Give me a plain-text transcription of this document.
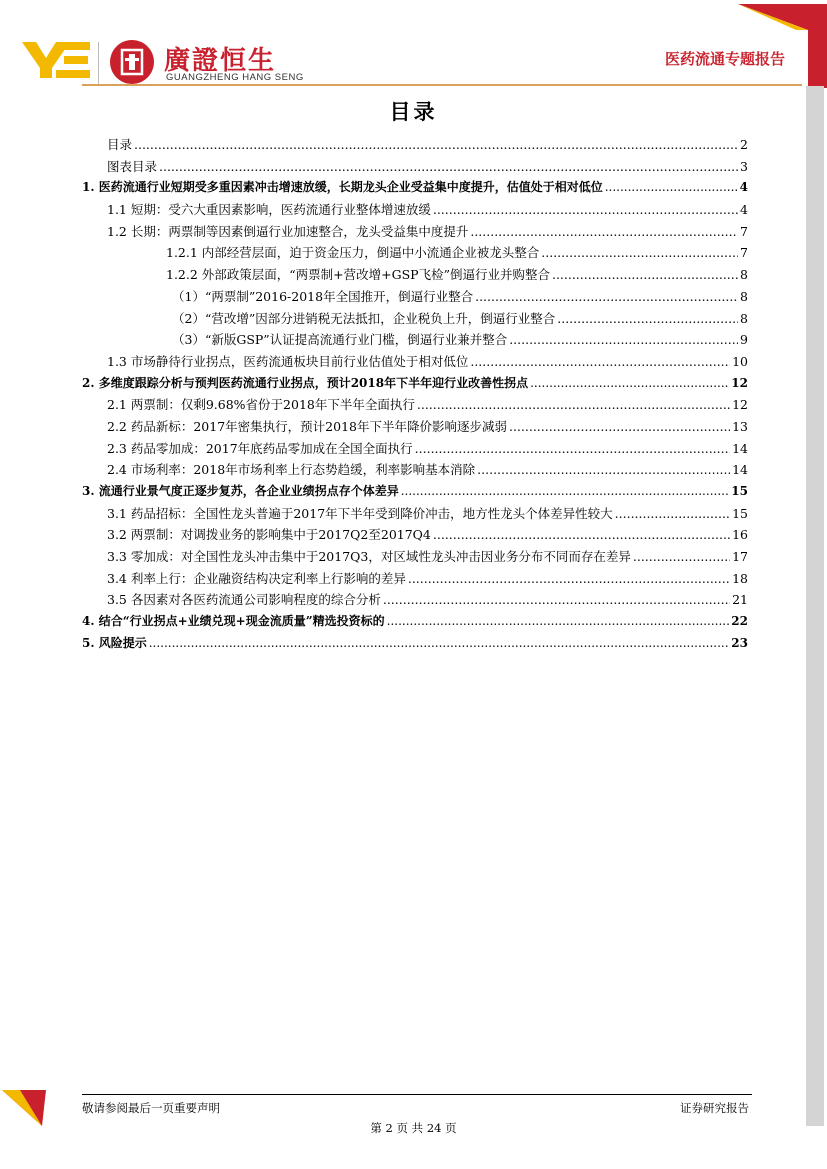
廣證恒生
GUANGZHENG HANG SENG
医药流通专题报告
目录
目录 .....	2
图表目录 .....	3
1. 医药流通行业短期受多重因素冲击增速放缓，长期龙头企业受益集中度提升，估值处于相对低位 .....	4
1.1 短期：受六大重因素影响，医药流通行业整体增速放缓 .....	4
1.2 长期：两票制等因素倒逼行业加速整合，龙头受益集中度提升 .....	7
1.2.1 内部经营层面，迫于资金压力，倒逼中小流通企业被龙头整合 .....	7
1.2.2 外部政策层面，“两票制+营改增+GSP飞检”倒逼行业并购整合 .....	8
（1）“两票制”2016-2018年全国推开，倒逼行业整合 .....	8
（2）“营改增”因部分进销税无法抵扣，企业税负上升，倒逼行业整合 .....	8
（3）“新版GSP”认证提高流通行业门槛，倒逼行业兼并整合 .....	9
1.3 市场静待行业拐点，医药流通板块目前行业估值处于相对低位 .....	10
2. 多维度跟踪分析与预判医药流通行业拐点，预计2018年下半年迎行业改善性拐点 .....	12
2.1 两票制：仅剩9.68%省份于2018年下半年全面执行 .....	12
2.2 药品新标：2017年密集执行，预计2018年下半年降价影响逐步减弱 .....	13
2.3 药品零加成：2017年底药品零加成在全国全面执行 .....	14
2.4 市场利率：2018年市场利率上行态势趋缓，利率影响基本消除 .....	14
3. 流通行业景气度正逐步复苏，各企业业绩拐点存个体差异 .....	15
3.1 药品招标：全国性龙头普遍于2017年下半年受到降价冲击，地方性龙头个体差异性较大 .....	15
3.2 两票制：对调拨业务的影响集中于2017Q2至2017Q4 .....	16
3.3 零加成：对全国性龙头冲击集中于2017Q3，对区域性龙头冲击因业务分布不同而存在差异 .....	17
3.4 利率上行：企业融资结构决定利率上行影响的差异 .....	18
3.5 各因素对各医药流通公司影响程度的综合分析 .....	21
4. 结合“行业拐点+业绩兑现+现金流质量”精选投资标的 .....	22
5. 风险提示 .....	23
敬请参阅最后一页重要声明	证券研究报告
第 2 页 共 24 页
